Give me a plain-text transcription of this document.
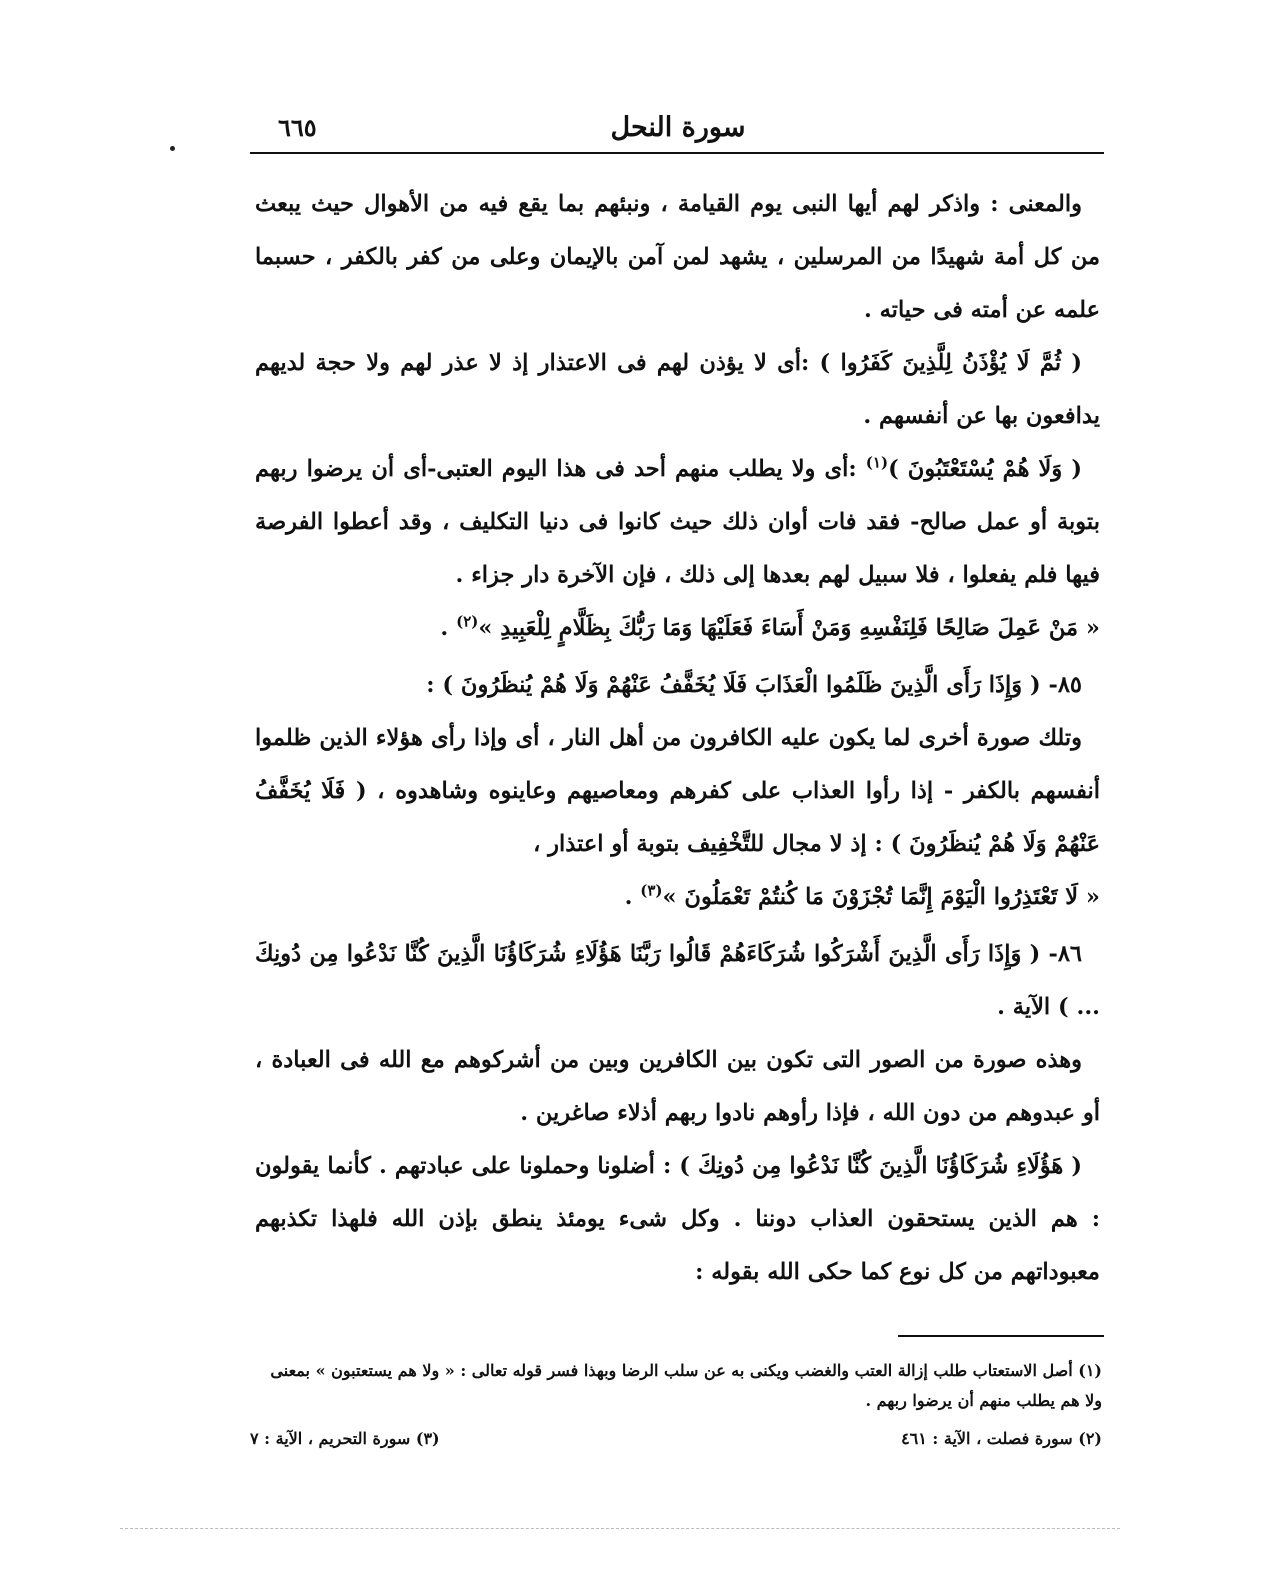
سورة النحل
٦٦٥

والمعنى : واذكر لهم أيها النبى يوم القيامة ، ونبئهم بما يقع فيه من الأهوال حيث يبعث من كل أمة شهيدًا من المرسلين ، يشهد لمن آمن بالإيمان وعلى من كفر بالكفر ، حسبما علمه عن أمته فى حياته .

( ثُمَّ لَا يُؤْذَنُ لِلَّذِينَ كَفَرُوا ) :أى لا يؤذن لهم فى الاعتذار إذ لا عذر لهم ولا حجة لديهم يدافعون بها عن أنفسهم .

( وَلَا هُمْ يُسْتَعْتَبُونَ )$^{(١)}$ :أى ولا يطلب منهم أحد فى هذا اليوم العتبى-أى أن يرضوا ربهم بتوبة أو عمل صالح- فقد فات أوان ذلك حيث كانوا فى دنيا التكليف ، وقد أعطوا الفرصة فيها فلم يفعلوا ، فلا سبيل لهم بعدها إلى ذلك ، فإن الآخرة دار جزاء .

« مَنْ عَمِلَ صَالِحًا فَلِنَفْسِهِ وَمَنْ أَسَاءَ فَعَلَيْهَا وَمَا رَبُّكَ بِظَلَّامٍ لِلْعَبِيدِ »$^{(٢)}$ .

٨٥- ( وَإِذَا رَأَى الَّذِينَ ظَلَمُوا الْعَذَابَ فَلَا يُخَفَّفُ عَنْهُمْ وَلَا هُمْ يُنظَرُونَ ) :

وتلك صورة أخرى لما يكون عليه الكافرون من أهل النار ، أى وإذا رأى هؤلاء الذين ظلموا أنفسهم بالكفر - إذا رأوا العذاب على كفرهم ومعاصيهم وعاينوه وشاهدوه ، ( فَلَا يُخَفَّفُ عَنْهُمْ وَلَا هُمْ يُنظَرُونَ ) : إذ لا مجال للتَّخْفِيف بتوبة أو اعتذار ،

« لَا تَعْتَذِرُوا الْيَوْمَ إِنَّمَا تُجْزَوْنَ مَا كُنتُمْ تَعْمَلُونَ »$^{(٣)}$ .

٨٦- ( وَإِذَا رَأَى الَّذِينَ أَشْرَكُوا شُرَكَاءَهُمْ قَالُوا رَبَّنَا هَؤُلَاءِ شُرَكَاؤُنَا الَّذِينَ كُنَّا نَدْعُوا مِن دُونِكَ ... ) الآية .

وهذه صورة من الصور التى تكون بين الكافرين وبين من أشركوهم مع الله فى العبادة ، أو عبدوهم من دون الله ، فإذا رأوهم نادوا ربهم أذلاء صاغرين .

( هَؤُلَاءِ شُرَكَاؤُنَا الَّذِينَ كُنَّا نَدْعُوا مِن دُونِكَ ) : أضلونا وحملونا على عبادتهم . كأنما يقولون : هم الذين يستحقون العذاب دوننا . وكل شىء يومئذ ينطق بإذن الله فلهذا تكذبهم معبوداتهم من كل نوع كما حكى الله بقوله :

(١) أصل الاستعتاب طلب إزالة العتب والغضب ويكنى به عن سلب الرضا وبهذا فسر قوله تعالى : « ولا هم يستعتبون » بمعنى ولا هم يطلب منهم أن يرضوا ربهم .

(٢) سورة فصلت ، الآية : ٤٦١
(٣) سورة التحريم ، الآية : ٧
